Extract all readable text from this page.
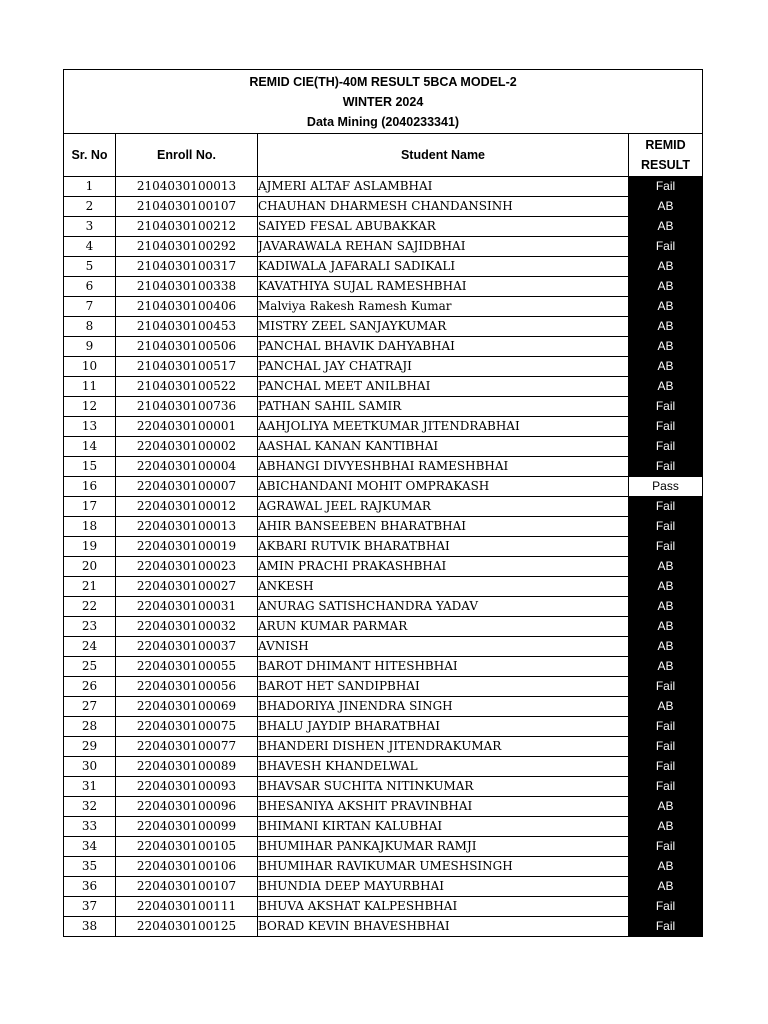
REMID CIE(TH)-40M RESULT 5BCA MODEL-2
WINTER 2024
Data Mining (2040233341)			

Sr. No	Enroll No.	Student Name	REMID
RESULT

1	2104030100013	AJMERI ALTAF ASLAMBHAI	Fail
2	2104030100107	CHAUHAN DHARMESH CHANDANSINH	AB
3	2104030100212	SAIYED FESAL ABUBAKKAR	AB
4	2104030100292	JAVARAWALA REHAN SAJIDBHAI	Fail
5	2104030100317	KADIWALA JAFARALI SADIKALI	AB
6	2104030100338	KAVATHIYA SUJAL RAMESHBHAI	AB
7	2104030100406	Malviya Rakesh Ramesh Kumar	AB
8	2104030100453	MISTRY ZEEL SANJAYKUMAR	AB
9	2104030100506	PANCHAL BHAVIK DAHYABHAI	AB
10	2104030100517	PANCHAL JAY CHATRAJI	AB
11	2104030100522	PANCHAL MEET ANILBHAI	AB
12	2104030100736	PATHAN SAHIL SAMIR	Fail
13	2204030100001	AAHJOLIYA MEETKUMAR JITENDRABHAI	Fail
14	2204030100002	AASHAL KANAN KANTIBHAI	Fail
15	2204030100004	ABHANGI DIVYESHBHAI RAMESHBHAI	Fail
16	2204030100007	ABICHANDANI MOHIT OMPRAKASH	Pass
17	2204030100012	AGRAWAL JEEL RAJKUMAR	Fail
18	2204030100013	AHIR BANSEEBEN BHARATBHAI	Fail
19	2204030100019	AKBARI RUTVIK BHARATBHAI	Fail
20	2204030100023	AMIN PRACHI PRAKASHBHAI	AB
21	2204030100027	ANKESH	AB
22	2204030100031	ANURAG SATISHCHANDRA YADAV	AB
23	2204030100032	ARUN KUMAR PARMAR	AB
24	2204030100037	AVNISH	AB
25	2204030100055	BAROT DHIMANT HITESHBHAI	AB
26	2204030100056	BAROT HET SANDIPBHAI	Fail
27	2204030100069	BHADORIYA JINENDRA SINGH	AB
28	2204030100075	BHALU JAYDIP BHARATBHAI	Fail
29	2204030100077	BHANDERI DISHEN JITENDRAKUMAR	Fail
30	2204030100089	BHAVESH KHANDELWAL	Fail
31	2204030100093	BHAVSAR SUCHITA NITINKUMAR	Fail
32	2204030100096	BHESANIYA AKSHIT PRAVINBHAI	AB
33	2204030100099	BHIMANI KIRTAN KALUBHAI	AB
34	2204030100105	BHUMIHAR PANKAJKUMAR RAMJI	Fail
35	2204030100106	BHUMIHAR RAVIKUMAR UMESHSINGH	AB
36	2204030100107	BHUNDIA DEEP MAYURBHAI	AB
37	2204030100111	BHUVA AKSHAT KALPESHBHAI	Fail
38	2204030100125	BORAD KEVIN BHAVESHBHAI	Fail
